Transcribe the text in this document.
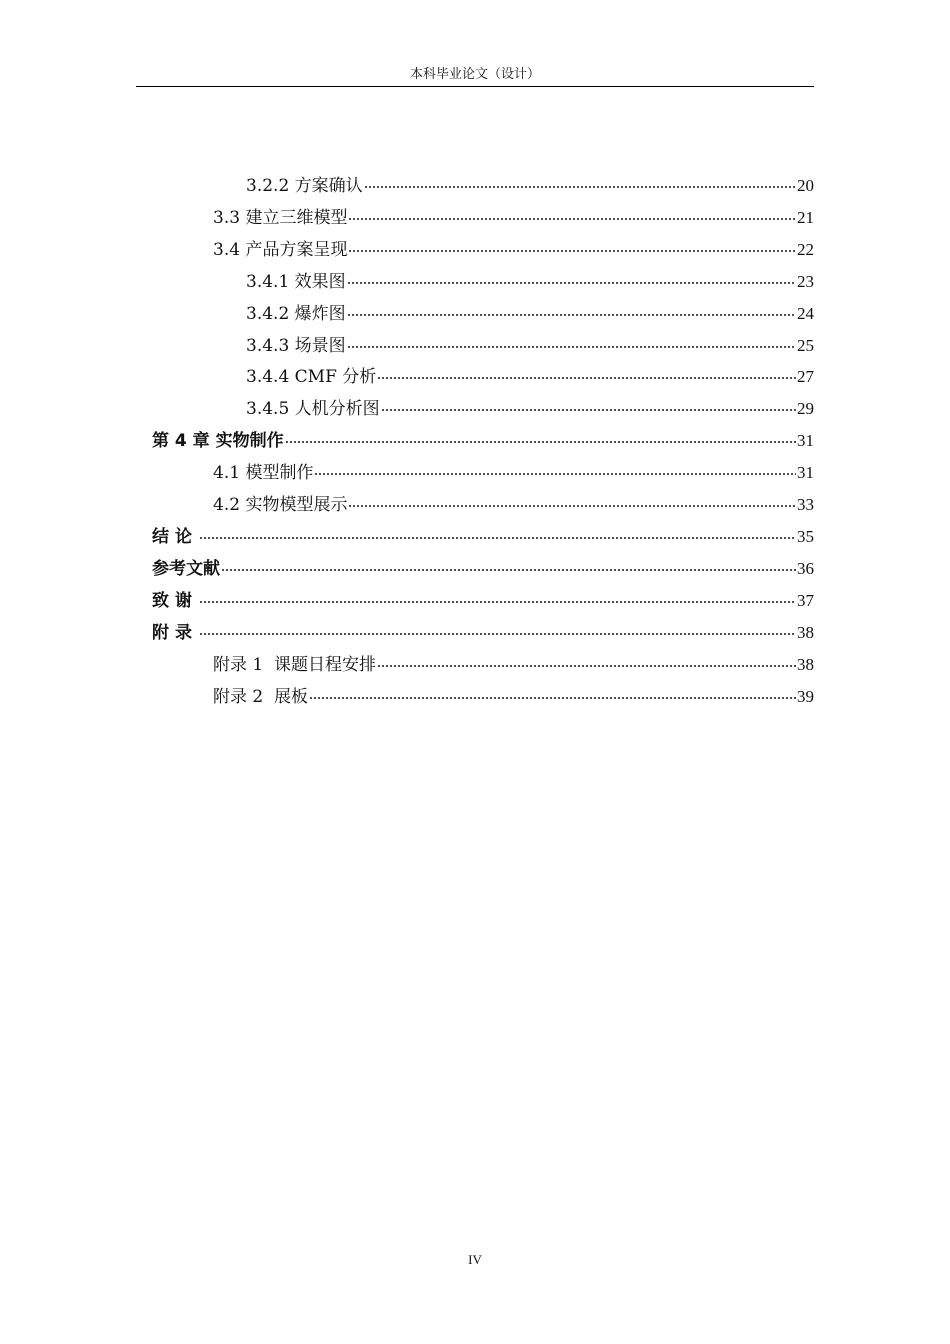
本科毕业论文（设计）
3.2.2 方案确认	20
3.3 建立三维模型	21
3.4 产品方案呈现	22
3.4.1 效果图	23
3.4.2 爆炸图	24
3.4.3 场景图	25
3.4.4 CMF 分析	27
3.4.5 人机分析图	29
第 4 章 实物制作	31
4.1 模型制作	31
4.2 实物模型展示	33
结论	35
参考文献	36
致谢	37
附录	38
附录 1  课题日程安排	38
附录 2  展板	39
IV
